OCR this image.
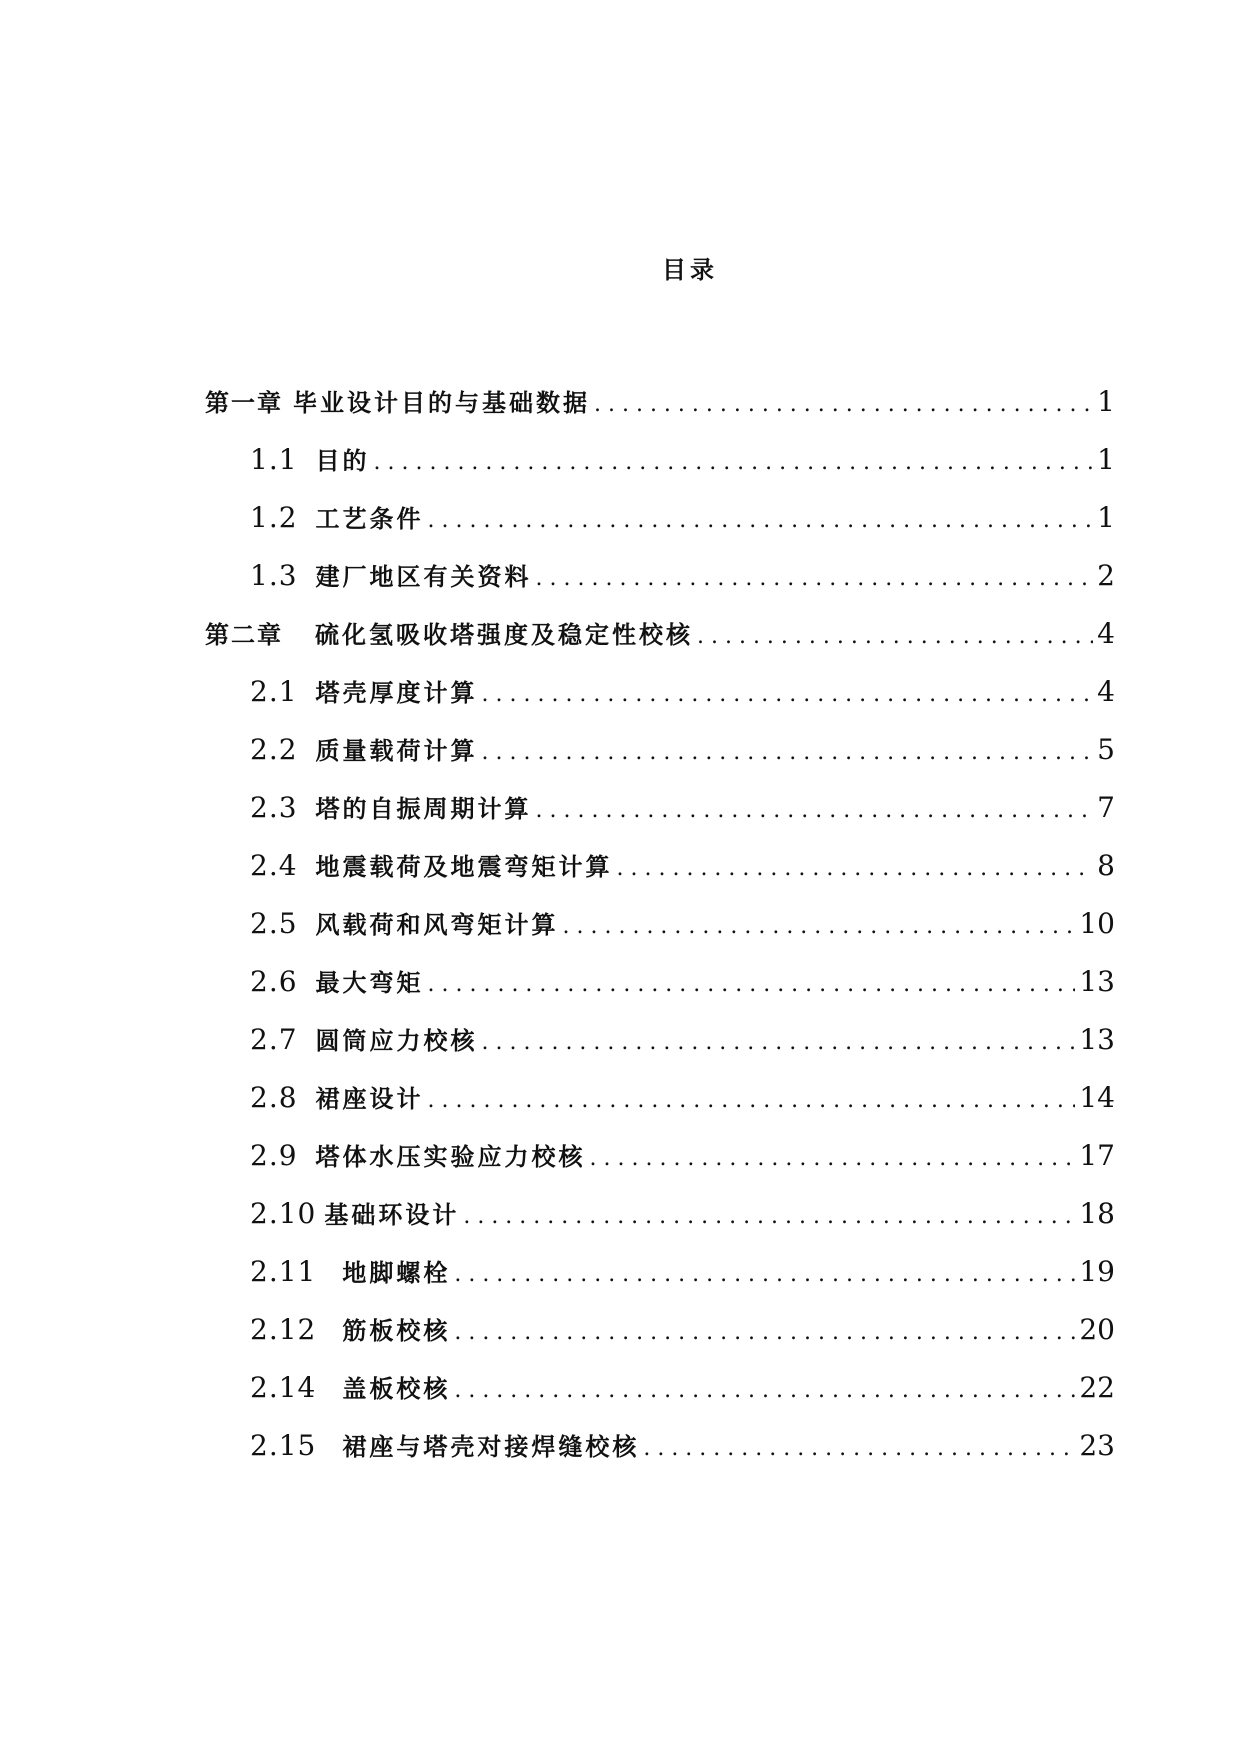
目录
第一章 毕业设计目的与基础数据 . . .	1
1.1 目的 . . .	1
1.2 工艺条件 . . .	1
1.3 建厂地区有关资料 . . .	2
第二章 硫化氢吸收塔强度及稳定性校核 . . .	4
2.1 塔壳厚度计算 . . .	4
2.2 质量载荷计算 . . .	5
2.3 塔的自振周期计算 . . .	7
2.4 地震载荷及地震弯矩计算 . . .	8
2.5 风载荷和风弯矩计算 . . .	10
2.6 最大弯矩 . . .	13
2.7 圆筒应力校核 . . .	13
2.8 裙座设计 . . .	14
2.9 塔体水压实验应力校核 . . .	17
2.10 基础环设计 . . .	18
2.11 地脚螺栓 . . .	19
2.12 筋板校核 . . .	20
2.14 盖板校核 . . .	22
2.15 裙座与塔壳对接焊缝校核 . . .	23
